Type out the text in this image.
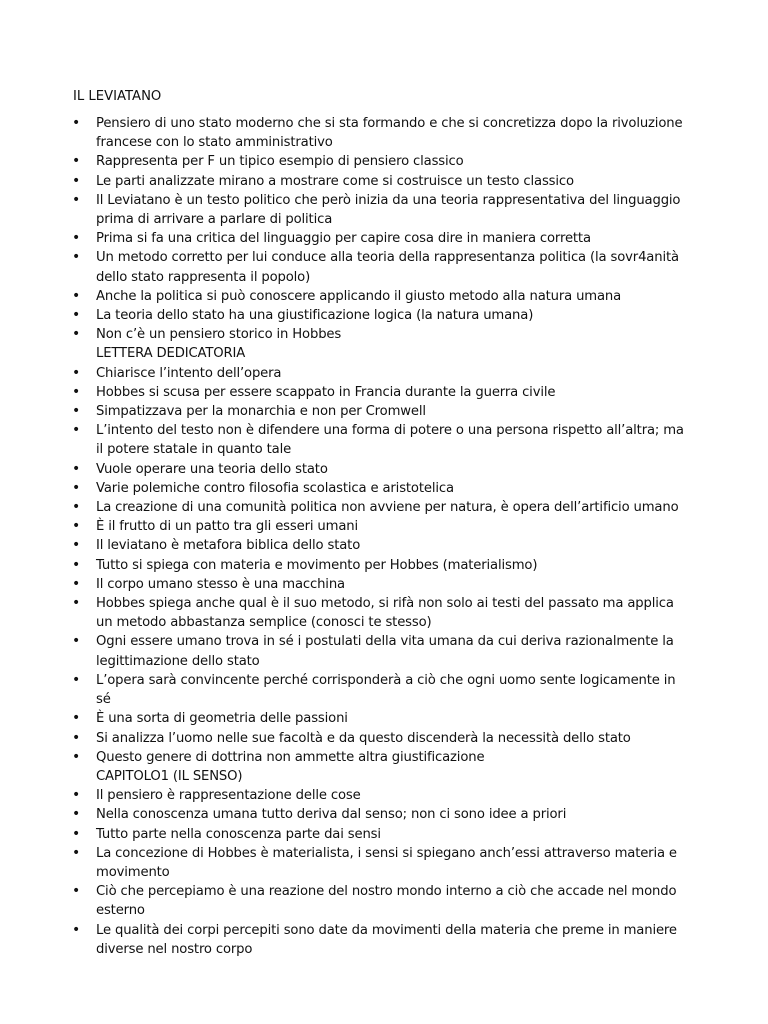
IL LEVIATANO
• Pensiero di uno stato moderno che si sta formando e che si concretizza dopo la rivoluzione francese con lo stato amministrativo
• Rappresenta per F un tipico esempio di pensiero classico
• Le parti analizzate mirano a mostrare come si costruisce un testo classico
• Il Leviatano è un testo politico che però inizia da una teoria rappresentativa del linguaggio prima di arrivare a parlare di politica
• Prima si fa una critica del linguaggio per capire cosa dire in maniera corretta
• Un metodo corretto per lui conduce alla teoria della rappresentanza politica (la sovr4anità dello stato rappresenta il popolo)
• Anche la politica si può conoscere applicando il giusto metodo alla natura umana
• La teoria dello stato ha una giustificazione logica (la natura umana)
• Non c’è un pensiero storico in Hobbes
LETTERA DEDICATORIA
• Chiarisce l’intento dell’opera
• Hobbes si scusa per essere scappato in Francia durante la guerra civile
• Simpatizzava per la monarchia e non per Cromwell
• L’intento del testo non è difendere una forma di potere o una persona rispetto all’altra; ma il potere statale in quanto tale
• Vuole operare una teoria dello stato
• Varie polemiche contro filosofia scolastica e aristotelica
• La creazione di una comunità politica non avviene per natura, è opera dell’artificio umano
• È il frutto di un patto tra gli esseri umani
• Il leviatano è metafora biblica dello stato
• Tutto si spiega con materia e movimento per Hobbes (materialismo)
• Il corpo umano stesso è una macchina
• Hobbes spiega anche qual è il suo metodo, si rifà non solo ai testi del passato ma applica un metodo abbastanza semplice (conosci te stesso)
• Ogni essere umano trova in sé i postulati della vita umana da cui deriva razionalmente la legittimazione dello stato
• L’opera sarà convincente perché corrisponderà a ciò che ogni uomo sente logicamente in sé
• È una sorta di geometria delle passioni
• Si analizza l’uomo nelle sue facoltà e da questo discenderà la necessità dello stato
• Questo genere di dottrina non ammette altra giustificazione
CAPITOLO1 (IL SENSO)
• Il pensiero è rappresentazione delle cose
• Nella conoscenza umana tutto deriva dal senso; non ci sono idee a priori
• Tutto parte nella conoscenza parte dai sensi
• La concezione di Hobbes è materialista, i sensi si spiegano anch’essi attraverso materia e movimento
• Ciò che percepiamo è una reazione del nostro mondo interno a ciò che accade nel mondo esterno
• Le qualità dei corpi percepiti sono date da movimenti della materia che preme in maniere diverse nel nostro corpo
